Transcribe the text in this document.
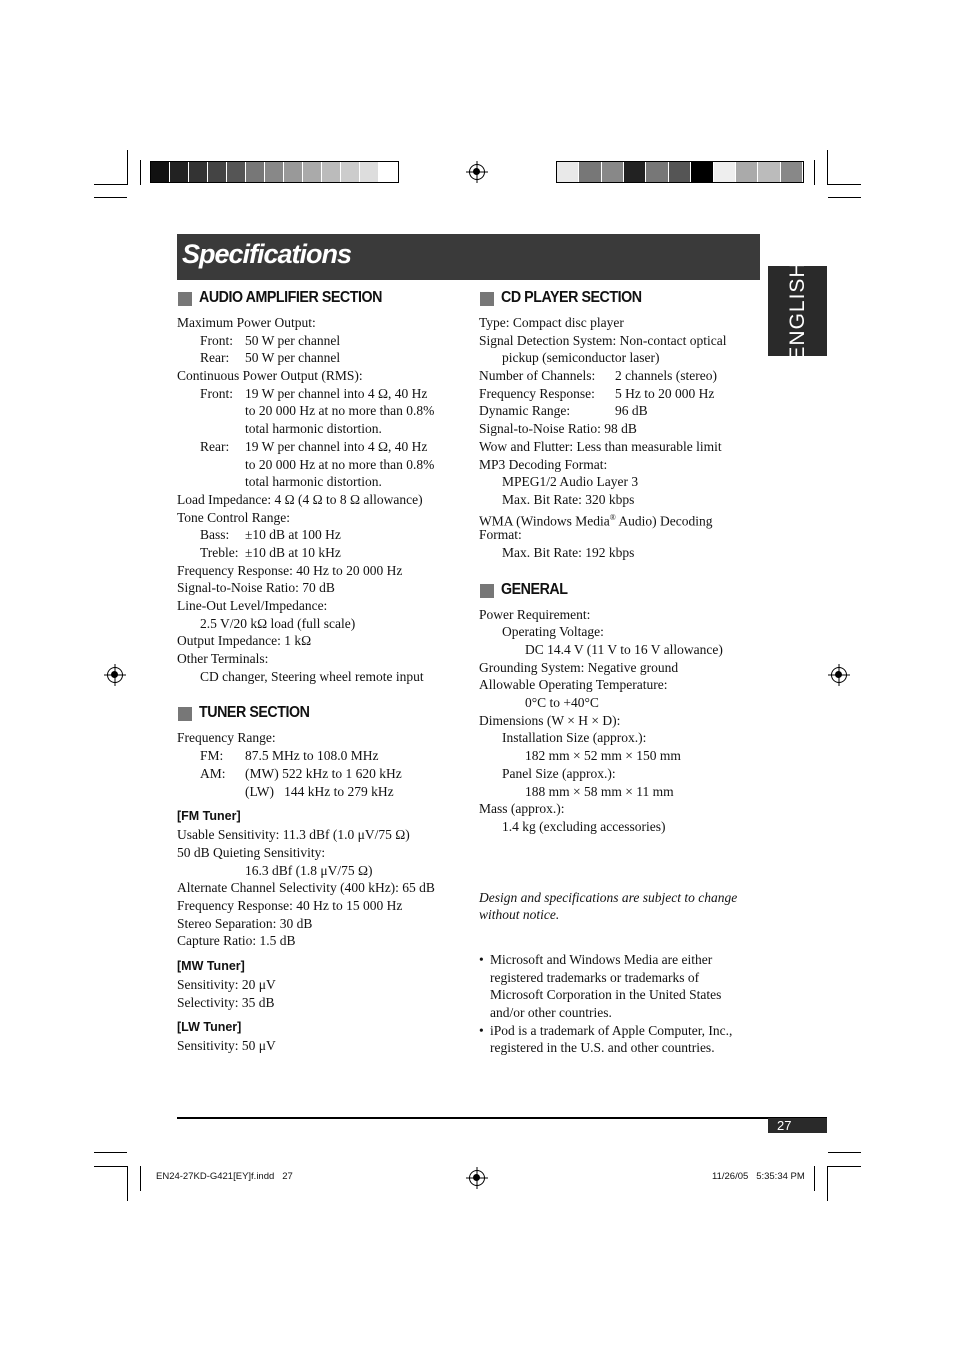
Specifications
ENGLISH
AUDIO AMPLIFIER SECTION
Maximum Power Output:
Front: 50 W per channel
Rear: 50 W per channel
Continuous Power Output (RMS):
Front: 19 W per channel into 4 Ω, 40 Hz
to 20 000 Hz at no more than 0.8%
total harmonic distortion.
Rear: 19 W per channel into 4 Ω, 40 Hz
to 20 000 Hz at no more than 0.8%
total harmonic distortion.
Load Impedance: 4 Ω (4 Ω to 8 Ω allowance)
Tone Control Range:
Bass: ±10 dB at 100 Hz
Treble: ±10 dB at 10 kHz
Frequency Response: 40 Hz to 20 000 Hz
Signal-to-Noise Ratio: 70 dB
Line-Out Level/Impedance:
2.5 V/20 kΩ load (full scale)
Output Impedance: 1 kΩ
Other Terminals:
CD changer, Steering wheel remote input
TUNER SECTION
Frequency Range:
FM: 87.5 MHz to 108.0 MHz
AM: (MW) 522 kHz to 1 620 kHz
(LW)   144 kHz to 279 kHz
[FM Tuner]
Usable Sensitivity: 11.3 dBf (1.0 μV/75 Ω)
50 dB Quieting Sensitivity:
16.3 dBf (1.8 μV/75 Ω)
Alternate Channel Selectivity (400 kHz): 65 dB
Frequency Response: 40 Hz to 15 000 Hz
Stereo Separation: 30 dB
Capture Ratio: 1.5 dB
[MW Tuner]
Sensitivity: 20 μV
Selectivity: 35 dB
[LW Tuner]
Sensitivity: 50 μV
CD PLAYER SECTION
Type: Compact disc player
Signal Detection System: Non-contact optical
pickup (semiconductor laser)
Number of Channels: 2 channels (stereo)
Frequency Response: 5 Hz to 20 000 Hz
Dynamic Range:	96 dB
Signal-to-Noise Ratio: 98 dB
Wow and Flutter: Less than measurable limit
MP3 Decoding Format:
MPEG1/2 Audio Layer 3
Max. Bit Rate: 320 kbps
WMA (Windows Media® Audio) Decoding
Format:
Max. Bit Rate: 192 kbps
GENERAL
Power Requirement:
Operating Voltage:
DC 14.4 V (11 V to 16 V allowance)
Grounding System: Negative ground
Allowable Operating Temperature:
0°C to +40°C
Dimensions (W × H × D):
Installation Size (approx.):
182 mm × 52 mm × 150 mm
Panel Size (approx.):
188 mm × 58 mm × 11 mm
Mass (approx.):
1.4 kg (excluding accessories)
Design and specifications are subject to change
without notice.
• Microsoft and Windows Media are either
registered trademarks or trademarks of
Microsoft Corporation in the United States
and/or other countries.
• iPod is a trademark of Apple Computer, Inc.,
registered in the U.S. and other countries.
27
EN24-27KD-G421[EY]f.indd   27	11/26/05   5:35:34 PM
